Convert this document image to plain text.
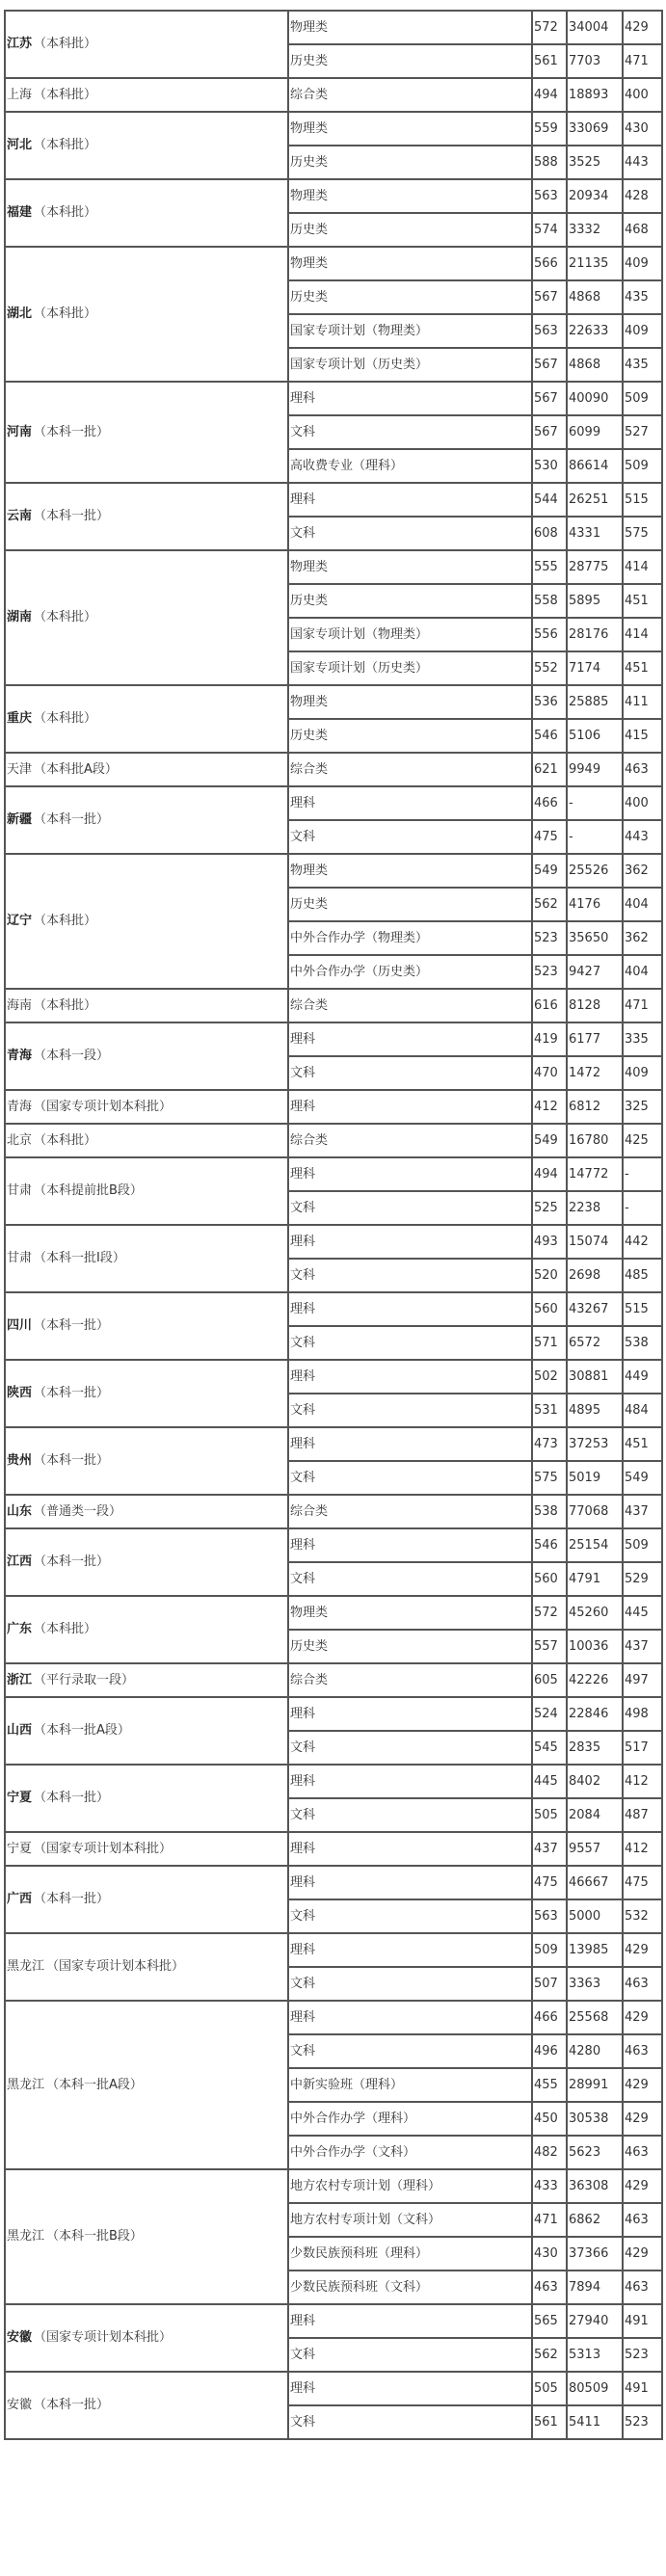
江苏 （本科批）	物理类	572	34004	429
	历史类	561	7703	471
上海 （本科批）	综合类	494	18893	400
河北 （本科批）	物理类	559	33069	430
	历史类	588	3525	443
福建 （本科批）	物理类	563	20934	428
	历史类	574	3332	468
湖北 （本科批）	物理类	566	21135	409
	历史类	567	4868	435
	国家专项计划（物理类）	563	22633	409
	国家专项计划（历史类）	567	4868	435
河南 （本科一批）	理科	567	40090	509
	文科	567	6099	527
	高收费专业（理科）	530	86614	509
云南 （本科一批）	理科	544	26251	515
	文科	608	4331	575
湖南 （本科批）	物理类	555	28775	414
	历史类	558	5895	451
	国家专项计划（物理类）	556	28176	414
	国家专项计划（历史类）	552	7174	451
重庆 （本科批）	物理类	536	25885	411
	历史类	546	5106	415
天津 （本科批A段）	综合类	621	9949	463
新疆 （本科一批）	理科	466	-	400
	文科	475	-	443
辽宁 （本科批）	物理类	549	25526	362
	历史类	562	4176	404
	中外合作办学（物理类）	523	35650	362
	中外合作办学（历史类）	523	9427	404
海南 （本科批）	综合类	616	8128	471
青海 （本科一段）	理科	419	6177	335
	文科	470	1472	409
青海 （国家专项计划本科批）	理科	412	6812	325
北京 （本科批）	综合类	549	16780	425
甘肃 （本科提前批B段）	理科	494	14772	-
	文科	525	2238	-
甘肃 （本科一批I段）	理科	493	15074	442
	文科	520	2698	485
四川 （本科一批）	理科	560	43267	515
	文科	571	6572	538
陕西 （本科一批）	理科	502	30881	449
	文科	531	4895	484
贵州 （本科一批）	理科	473	37253	451
	文科	575	5019	549
山东 （普通类一段）	综合类	538	77068	437
江西 （本科一批）	理科	546	25154	509
	文科	560	4791	529
广东 （本科批）	物理类	572	45260	445
	历史类	557	10036	437
浙江 （平行录取一段）	综合类	605	42226	497
山西 （本科一批A段）	理科	524	22846	498
	文科	545	2835	517
宁夏 （本科一批）	理科	445	8402	412
	文科	505	2084	487
宁夏 （国家专项计划本科批）	理科	437	9557	412
广西 （本科一批）	理科	475	46667	475
	文科	563	5000	532
黑龙江 （国家专项计划本科批）	理科	509	13985	429
	文科	507	3363	463
黑龙江 （本科一批A段）	理科	466	25568	429
	文科	496	4280	463
	中新实验班（理科）	455	28991	429
	中外合作办学（理科）	450	30538	429
	中外合作办学（文科）	482	5623	463
黑龙江 （本科一批B段）	地方农村专项计划（理科）	433	36308	429
	地方农村专项计划（文科）	471	6862	463
	少数民族预科班（理科）	430	37366	429
	少数民族预科班（文科）	463	7894	463
安徽 （国家专项计划本科批）	理科	565	27940	491
	文科	562	5313	523
安徽 （本科一批）	理科	505	80509	491
	文科	561	5411	523
